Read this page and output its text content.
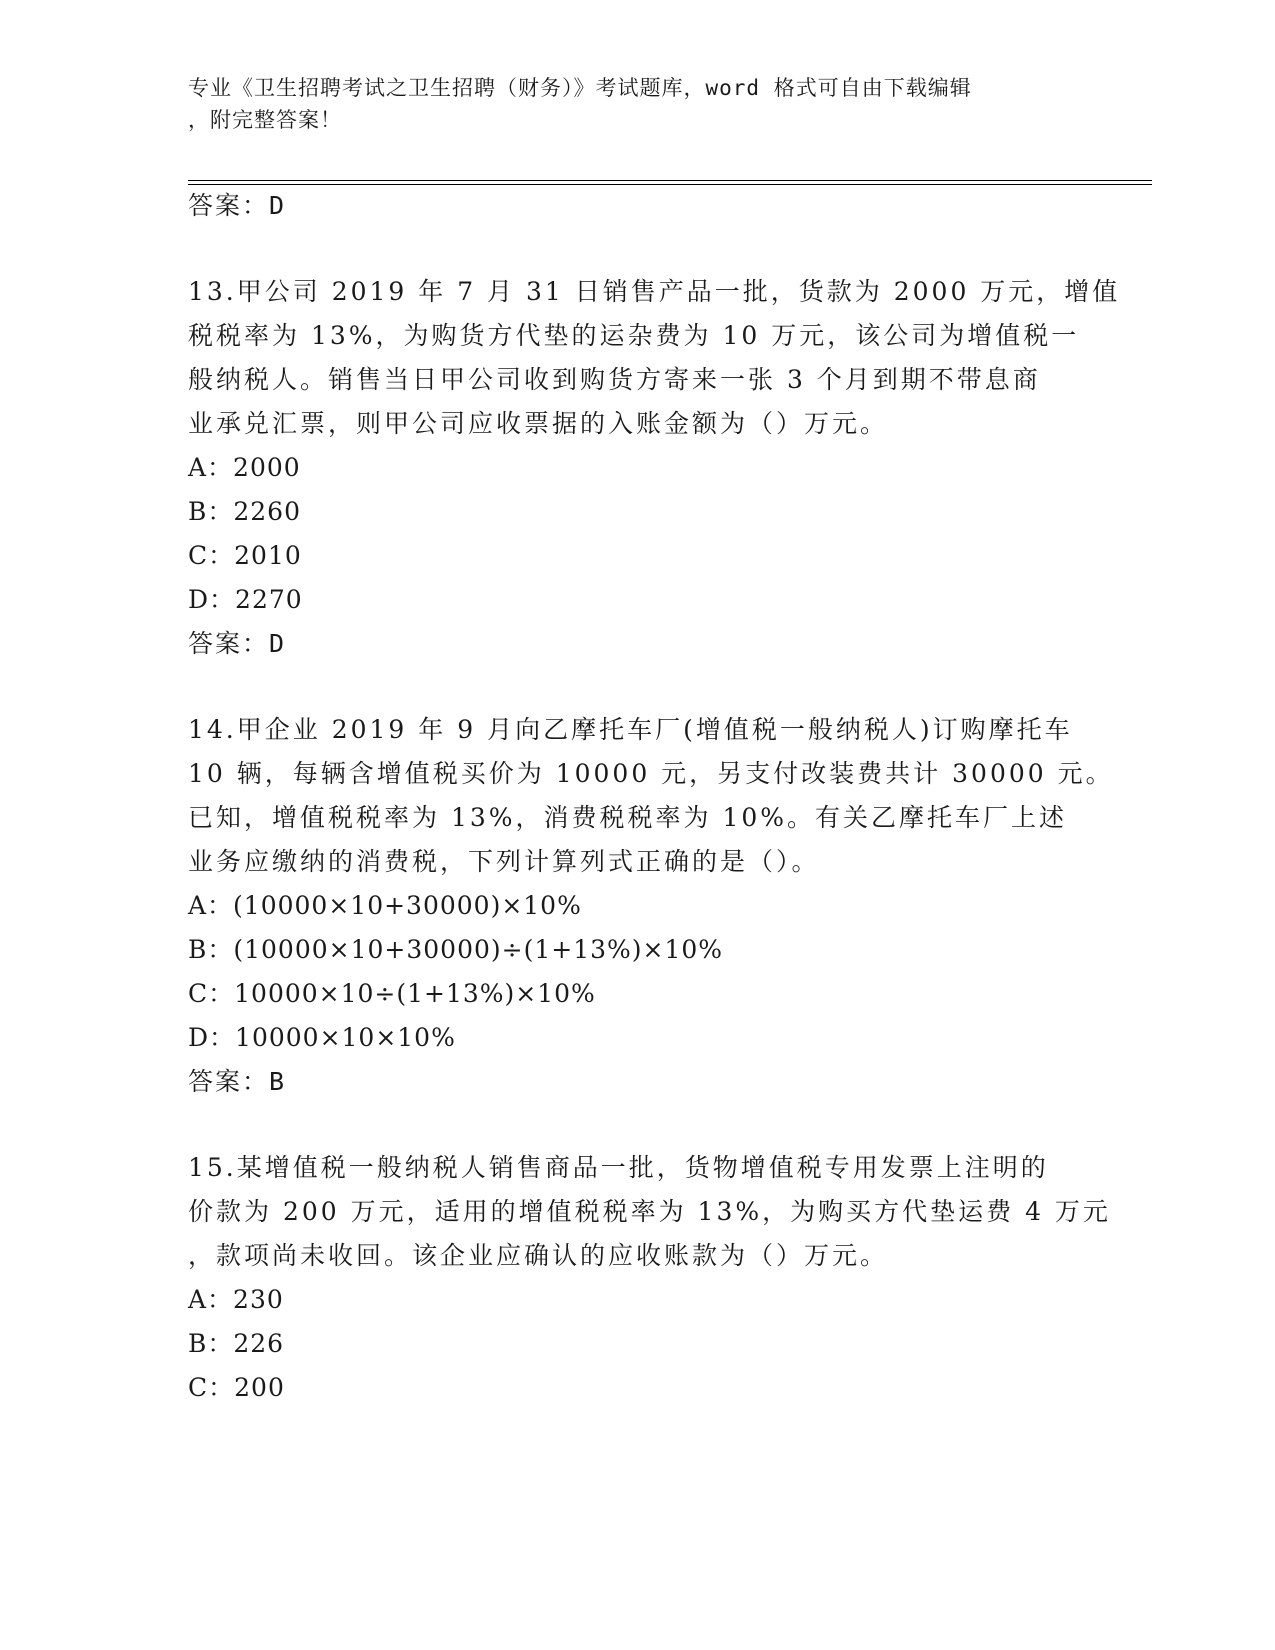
专业《卫生招聘考试之卫生招聘（财务）》考试题库，word 格式可自由下载编辑
，附完整答案！
答案：D
13.甲公司 2019 年 7 月 31 日销售产品一批，货款为 2000 万元，增值
税税率为 13%，为购货方代垫的运杂费为 10 万元，该公司为增值税一
般纳税人。销售当日甲公司收到购货方寄来一张 3 个月到期不带息商
业承兑汇票，则甲公司应收票据的入账金额为（）万元。
A：2000
B：2260
C：2010
D：2270
答案：D
14.甲企业 2019 年 9 月向乙摩托车厂(增值税一般纳税人)订购摩托车
10 辆，每辆含增值税买价为 10000 元，另支付改装费共计 30000 元。
已知，增值税税率为 13%，消费税税率为 10%。有关乙摩托车厂上述
业务应缴纳的消费税，下列计算列式正确的是（）。
A：(10000×10+30000)×10%
B：(10000×10+30000)÷(1+13%)×10%
C：10000×10÷(1+13%)×10%
D：10000×10×10%
答案：B
15.某增值税一般纳税人销售商品一批，货物增值税专用发票上注明的
价款为 200 万元，适用的增值税税率为 13%，为购买方代垫运费 4 万元
，款项尚未收回。该企业应确认的应收账款为（）万元。
A：230
B：226
C：200
